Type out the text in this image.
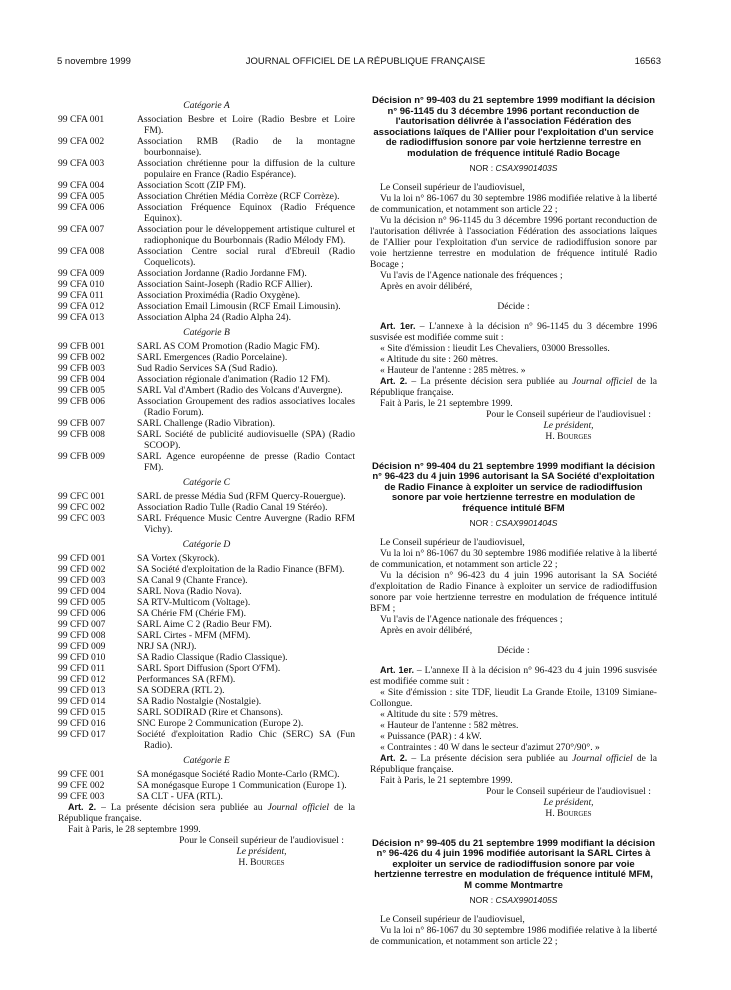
5 novembre 1999	JOURNAL OFFICIEL DE LA RÉPUBLIQUE FRANÇAISE	16563
Catégorie A
99 CFA 001	Association Besbre et Loire (Radio Besbre et Loire FM).
99 CFA 002	Association RMB (Radio de la montagne bourbonnaise).
99 CFA 003	Association chrétienne pour la diffusion de la culture populaire en France (Radio Espérance).
99 CFA 004	Association Scott (ZIP FM).
99 CFA 005	Association Chrétien Média Corrèze (RCF Corrèze).
99 CFA 006	Association Fréquence Equinox (Radio Fréquence Equinox).
99 CFA 007	Association pour le développement artistique culturel et radiophonique du Bourbonnais (Radio Mélody FM).
99 CFA 008	Association Centre social rural d'Ebreuil (Radio Coquelicots).
99 CFA 009	Association Jordanne (Radio Jordanne FM).
99 CFA 010	Association Saint-Joseph (Radio RCF Allier).
99 CFA 011	Association Proximédia (Radio Oxygène).
99 CFA 012	Association Email Limousin (RCF Email Limousin).
99 CFA 013	Association Alpha 24 (Radio Alpha 24).
Catégorie B
99 CFB 001	SARL AS COM Promotion (Radio Magic FM).
99 CFB 002	SARL Emergences (Radio Porcelaine).
99 CFB 003	Sud Radio Services SA (Sud Radio).
99 CFB 004	Association régionale d'animation (Radio 12 FM).
99 CFB 005	SARL Val d'Ambert (Radio des Volcans d'Auvergne).
99 CFB 006	Association Groupement des radios associatives locales (Radio Forum).
99 CFB 007	SARL Challenge (Radio Vibration).
99 CFB 008	SARL Société de publicité audiovisuelle (SPA) (Radio SCOOP).
99 CFB 009	SARL Agence européenne de presse (Radio Contact FM).
Catégorie C
99 CFC 001	SARL de presse Média Sud (RFM Quercy-Rouergue).
99 CFC 002	Association Radio Tulle (Radio Canal 19 Stéréo).
99 CFC 003	SARL Fréquence Music Centre Auvergne (Radio RFM Vichy).
Catégorie D
99 CFD 001	SA Vortex (Skyrock).
99 CFD 002	SA Société d'exploitation de la Radio Finance (BFM).
99 CFD 003	SA Canal 9 (Chante France).
99 CFD 004	SARL Nova (Radio Nova).
99 CFD 005	SA RTV-Multicom (Voltage).
99 CFD 006	SA Chérie FM (Chérie FM).
99 CFD 007	SARL Aime C 2 (Radio Beur FM).
99 CFD 008	SARL Cirtes - MFM (MFM).
99 CFD 009	NRJ SA (NRJ).
99 CFD 010	SA Radio Classique (Radio Classique).
99 CFD 011	SARL Sport Diffusion (Sport O'FM).
99 CFD 012	Performances SA (RFM).
99 CFD 013	SA SODERA (RTL 2).
99 CFD 014	SA Radio Nostalgie (Nostalgie).
99 CFD 015	SARL SODIRAD (Rire et Chansons).
99 CFD 016	SNC Europe 2 Communication (Europe 2).
99 CFD 017	Société d'exploitation Radio Chic (SERC) SA (Fun Radio).
Catégorie E
99 CFE 001	SA monégasque Société Radio Monte-Carlo (RMC).
99 CFE 002	SA monégasque Europe 1 Communication (Europe 1).
99 CFE 003	SA CLT - UFA (RTL).

Art. 2. – La présente décision sera publiée au Journal officiel de la République française.

Fait à Paris, le 28 septembre 1999.

Pour le Conseil supérieur de l'audiovisuel :

Le président,

H. Bourges

Décision n° 99-403 du 21 septembre 1999 modifiant la décision n° 96-1145 du 3 décembre 1996 portant reconduction de l'autorisation délivrée à l'association Fédération des associations laïques de l'Allier pour l'exploitation d'un service de radiodiffusion sonore par voie hertzienne terrestre en modulation de fréquence intitulé Radio Bocage
NOR : CSAX9901403S

Le Conseil supérieur de l'audiovisuel,

Vu la loi n° 86-1067 du 30 septembre 1986 modifiée relative à la liberté de communication, et notamment son article 22 ;

Vu la décision n° 96-1145 du 3 décembre 1996 portant reconduction de l'autorisation délivrée à l'association Fédération des associations laïques de l'Allier pour l'exploitation d'un service de radiodiffusion sonore par voie hertzienne terrestre en modulation de fréquence intitulé Radio Bocage ;

Vu l'avis de l'Agence nationale des fréquences ;

Après en avoir délibéré,

Décide :

Art. 1er. – L'annexe à la décision n° 96-1145 du 3 décembre 1996 susvisée est modifiée comme suit :

« Site d'émission : lieudit Les Chevaliers, 03000 Bressolles.

« Altitude du site : 260 mètres.

« Hauteur de l'antenne : 285 mètres. »

Art. 2. – La présente décision sera publiée au Journal officiel de la République française.

Fait à Paris, le 21 septembre 1999.

Pour le Conseil supérieur de l'audiovisuel :

Le président,

H. Bourges

Décision n° 99-404 du 21 septembre 1999 modifiant la décision n° 96-423 du 4 juin 1996 autorisant la SA Société d'exploitation de Radio Finance à exploiter un service de radiodiffusion sonore par voie hertzienne terrestre en modulation de fréquence intitulé BFM
NOR : CSAX9901404S

Le Conseil supérieur de l'audiovisuel,

Vu la loi n° 86-1067 du 30 septembre 1986 modifiée relative à la liberté de communication, et notamment son article 22 ;

Vu la décision n° 96-423 du 4 juin 1996 autorisant la SA Société d'exploitation de Radio Finance à exploiter un service de radiodiffusion sonore par voie hertzienne terrestre en modulation de fréquence intitulé BFM ;

Vu l'avis de l'Agence nationale des fréquences ;

Après en avoir délibéré,

Décide :

Art. 1er. – L'annexe II à la décision n° 96-423 du 4 juin 1996 susvisée est modifiée comme suit :

« Site d'émission : site TDF, lieudit La Grande Etoile, 13109 Simiane-Collongue.

« Altitude du site : 579 mètres.

« Hauteur de l'antenne : 582 mètres.

« Puissance (PAR) : 4 kW.

« Contraintes : 40 W dans le secteur d'azimut 270°/90°. »

Art. 2. – La présente décision sera publiée au Journal officiel de la République française.

Fait à Paris, le 21 septembre 1999.

Pour le Conseil supérieur de l'audiovisuel :

Le président,

H. Bourges

Décision n° 99-405 du 21 septembre 1999 modifiant la décision n° 96-426 du 4 juin 1996 modifiée autorisant la SARL Cirtes à exploiter un service de radiodiffusion sonore par voie hertzienne terrestre en modulation de fréquence intitulé MFM, M comme Montmartre
NOR : CSAX9901405S

Le Conseil supérieur de l'audiovisuel,

Vu la loi n° 86-1067 du 30 septembre 1986 modifiée relative à la liberté de communication, et notamment son article 22 ;
